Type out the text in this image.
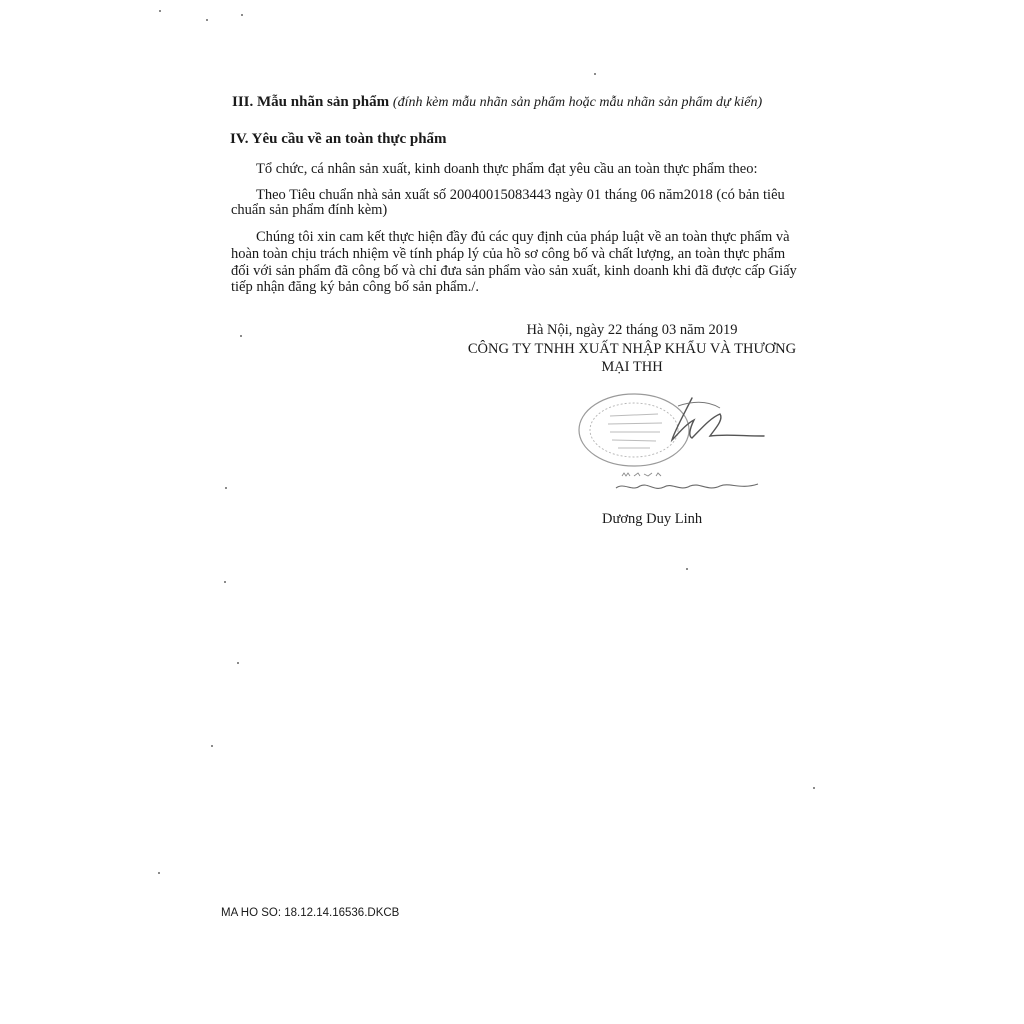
III. Mẫu nhãn sản phẩm (đính kèm mẫu nhãn sản phẩm hoặc mẫu nhãn sản phẩm dự kiến)
IV. Yêu cầu về an toàn thực phẩm
Tổ chức, cá nhân sản xuất, kinh doanh thực phẩm đạt yêu cầu an toàn thực phẩm theo:
Theo Tiêu chuẩn nhà sản xuất số 20040015083443 ngày 01 tháng 06 năm2018 (có bản tiêu
chuẩn sản phẩm đính kèm)
Chúng tôi xin cam kết thực hiện đầy đủ các quy định của pháp luật về an toàn thực phẩm và
hoàn toàn chịu trách nhiệm về tính pháp lý của hồ sơ công bố và chất lượng, an toàn thực phẩm
đối với sản phẩm đã công bố và chỉ đưa sản phẩm vào sản xuất, kinh doanh khi đã được cấp Giấy
tiếp nhận đăng ký bản công bố sản phẩm./.
Hà Nội, ngày 22 tháng 03 năm 2019
CÔNG TY TNHH XUẤT NHẬP KHẨU VÀ THƯƠNG
MẠI THH
Dương Duy Linh
MA HO SO: 18.12.14.16536.DKCB
